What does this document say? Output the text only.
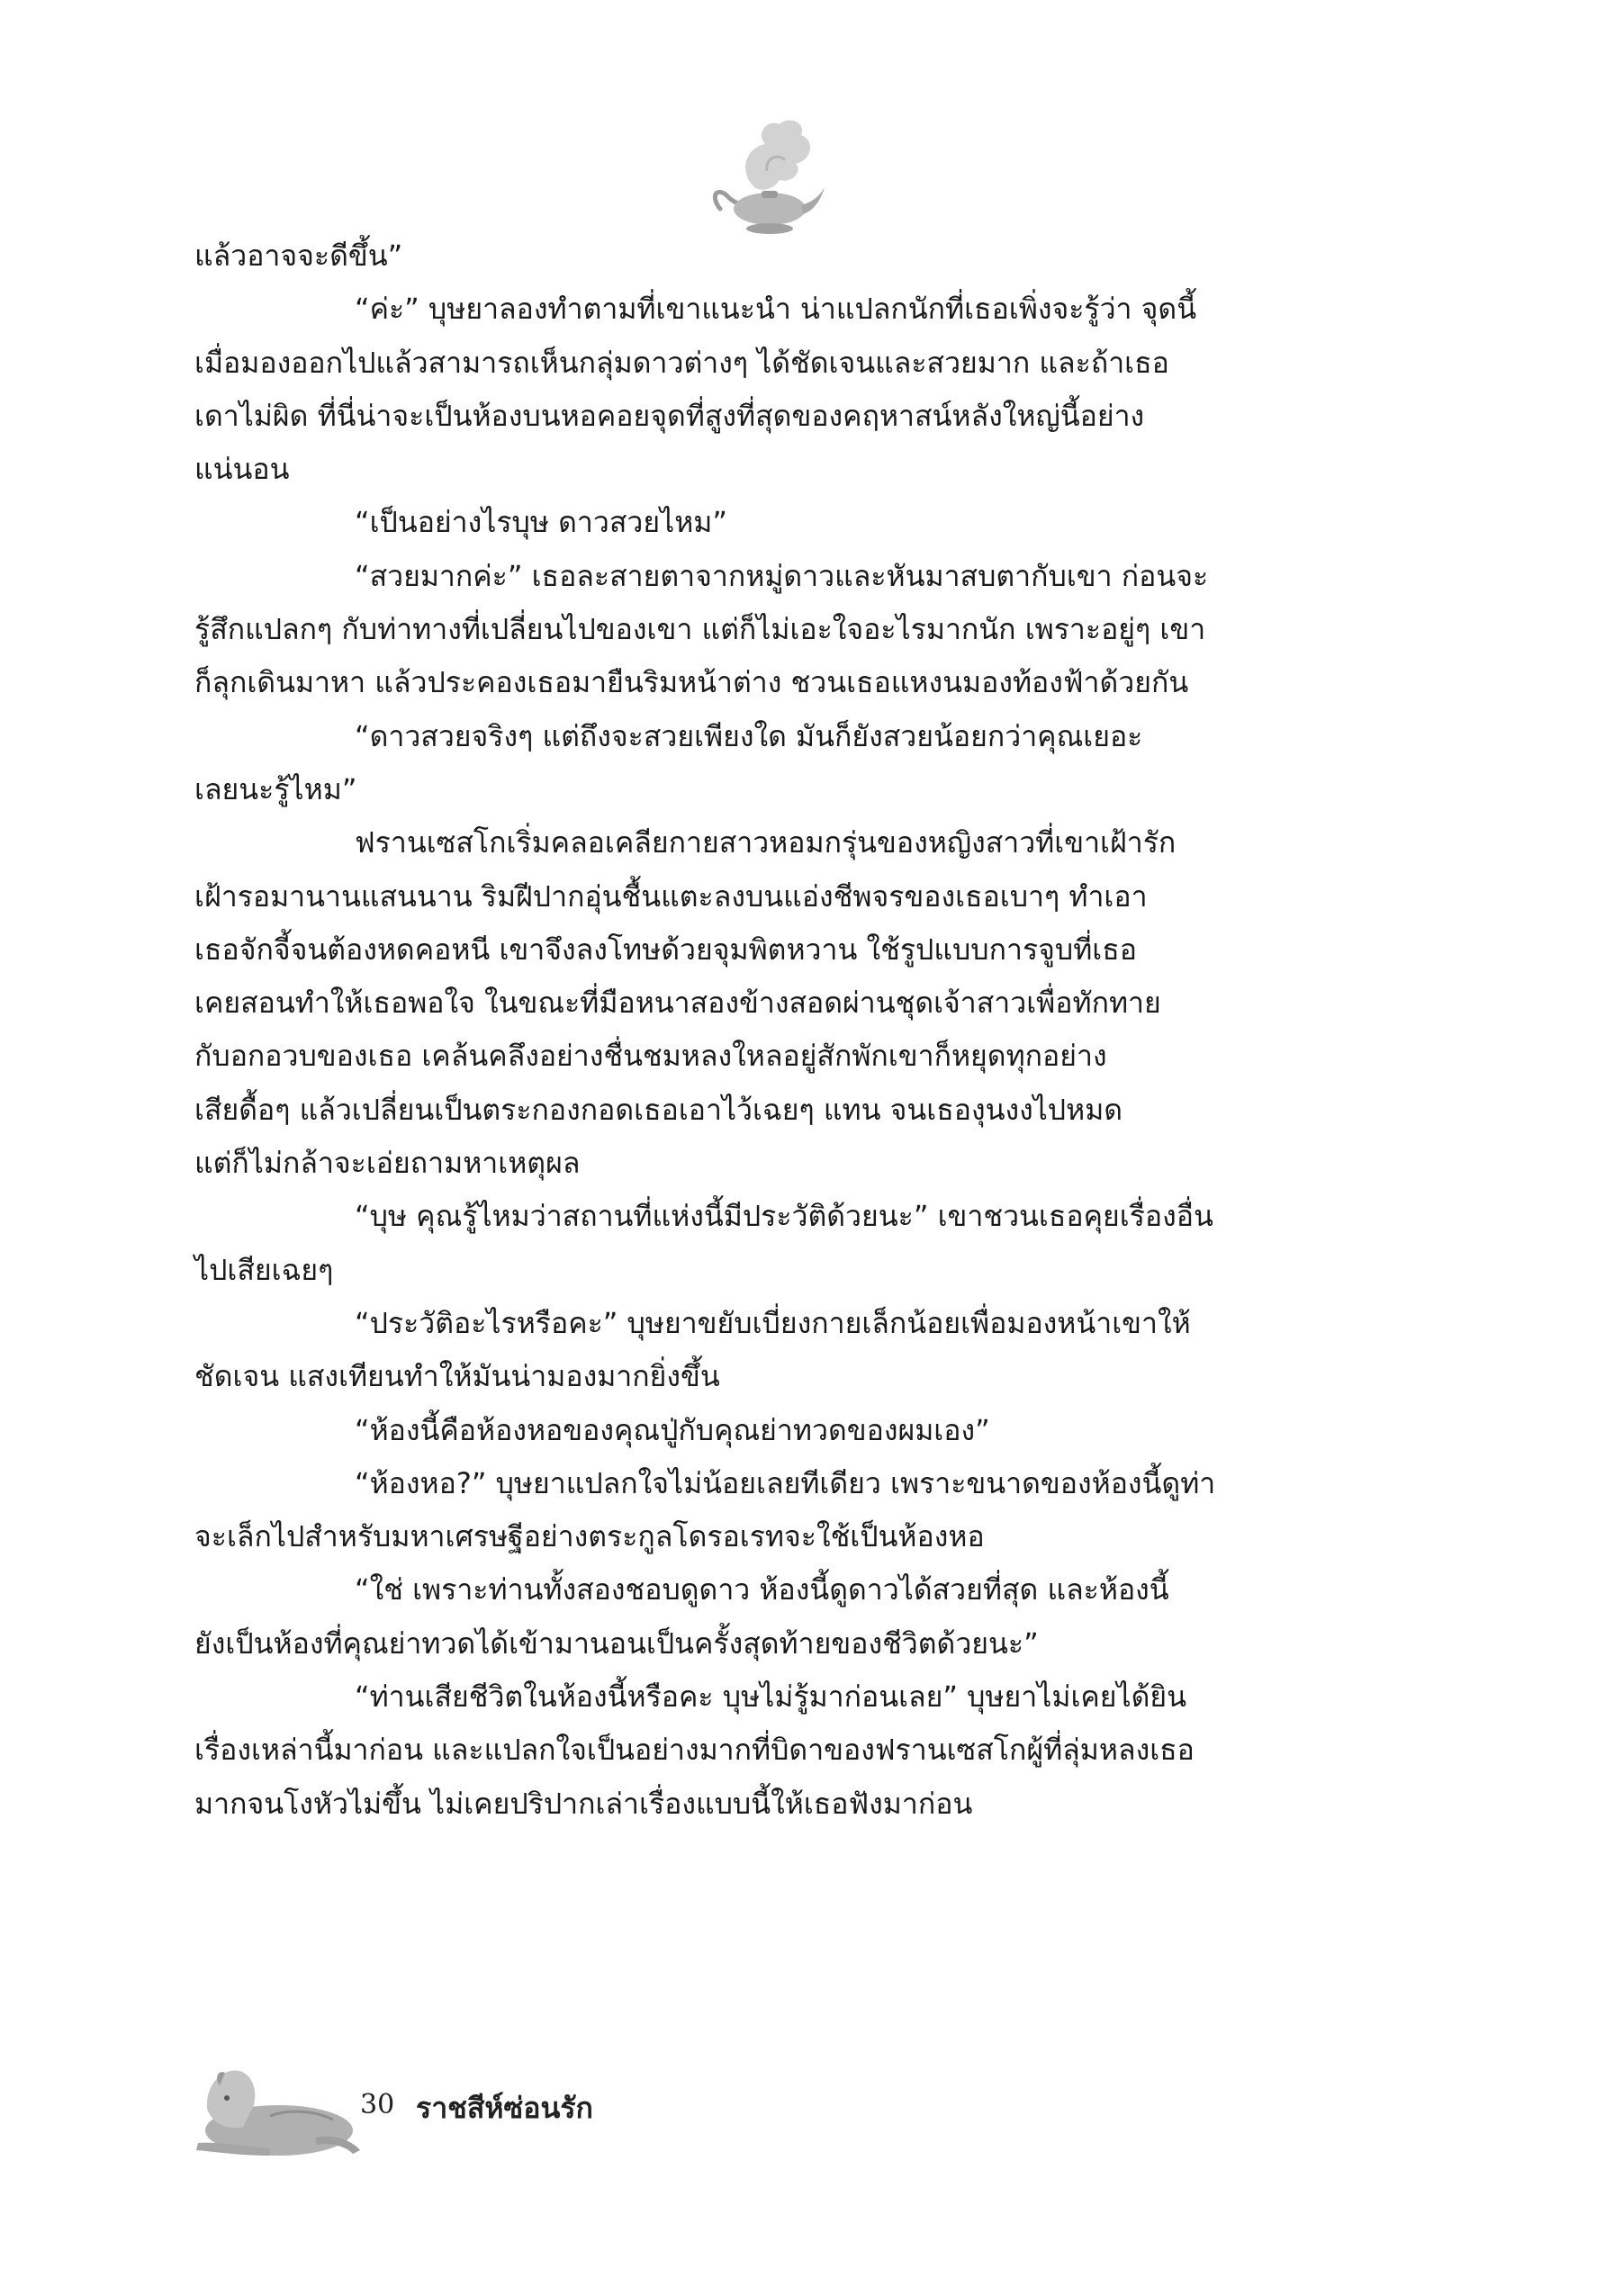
แล้วอาจจะดีขึ้น”
“ค่ะ” บุษยาลองทำตามที่เขาแนะนำ น่าแปลกนักที่เธอเพิ่งจะรู้ว่า จุดนี้
เมื่อมองออกไปแล้วสามารถเห็นกลุ่มดาวต่างๆ ได้ชัดเจนและสวยมาก และถ้าเธอ
เดาไม่ผิด ที่นี่น่าจะเป็นห้องบนหอคอยจุดที่สูงที่สุดของคฤหาสน์หลังใหญ่นี้อย่าง
แน่นอน
“เป็นอย่างไรบุษ ดาวสวยไหม”
“สวยมากค่ะ” เธอละสายตาจากหมู่ดาวและหันมาสบตากับเขา ก่อนจะ
รู้สึกแปลกๆ กับท่าทางที่เปลี่ยนไปของเขา แต่ก็ไม่เอะใจอะไรมากนัก เพราะอยู่ๆ เขา
ก็ลุกเดินมาหา แล้วประคองเธอมายืนริมหน้าต่าง ชวนเธอแหงนมองท้องฟ้าด้วยกัน
“ดาวสวยจริงๆ แต่ถึงจะสวยเพียงใด มันก็ยังสวยน้อยกว่าคุณเยอะ
เลยนะรู้ไหม”
ฟรานเซสโกเริ่มคลอเคลียกายสาวหอมกรุ่นของหญิงสาวที่เขาเฝ้ารัก
เฝ้ารอมานานแสนนาน ริมฝีปากอุ่นชื้นแตะลงบนแอ่งชีพจรของเธอเบาๆ ทำเอา
เธอจักจี้จนต้องหดคอหนี เขาจึงลงโทษด้วยจุมพิตหวาน ใช้รูปแบบการจูบที่เธอ
เคยสอนทำให้เธอพอใจ ในขณะที่มือหนาสองข้างสอดผ่านชุดเจ้าสาวเพื่อทักทาย
กับอกอวบของเธอ เคล้นคลึงอย่างชื่นชมหลงใหลอยู่สักพักเขาก็หยุดทุกอย่าง
เสียดื้อๆ แล้วเปลี่ยนเป็นตระกองกอดเธอเอาไว้เฉยๆ แทน จนเธองุนงงไปหมด
แต่ก็ไม่กล้าจะเอ่ยถามหาเหตุผล
“บุษ คุณรู้ไหมว่าสถานที่แห่งนี้มีประวัติด้วยนะ” เขาชวนเธอคุยเรื่องอื่น
ไปเสียเฉยๆ
“ประวัติอะไรหรือคะ” บุษยาขยับเบี่ยงกายเล็กน้อยเพื่อมองหน้าเขาให้
ชัดเจน แสงเทียนทำให้มันน่ามองมากยิ่งขึ้น
“ห้องนี้คือห้องหอของคุณปู่กับคุณย่าทวดของผมเอง”
“ห้องหอ?” บุษยาแปลกใจไม่น้อยเลยทีเดียว เพราะขนาดของห้องนี้ดูท่า
จะเล็กไปสำหรับมหาเศรษฐีอย่างตระกูลโดรอเรทจะใช้เป็นห้องหอ
“ใช่ เพราะท่านทั้งสองชอบดูดาว ห้องนี้ดูดาวได้สวยที่สุด และห้องนี้
ยังเป็นห้องที่คุณย่าทวดได้เข้ามานอนเป็นครั้งสุดท้ายของชีวิตด้วยนะ”
“ท่านเสียชีวิตในห้องนี้หรือคะ บุษไม่รู้มาก่อนเลย” บุษยาไม่เคยได้ยิน
เรื่องเหล่านี้มาก่อน และแปลกใจเป็นอย่างมากที่บิดาของฟรานเซสโกผู้ที่ลุ่มหลงเธอ
มากจนโงหัวไม่ขึ้น ไม่เคยปริปากเล่าเรื่องแบบนี้ให้เธอฟังมาก่อน
30 ราชสีห์ซ่อนรัก
